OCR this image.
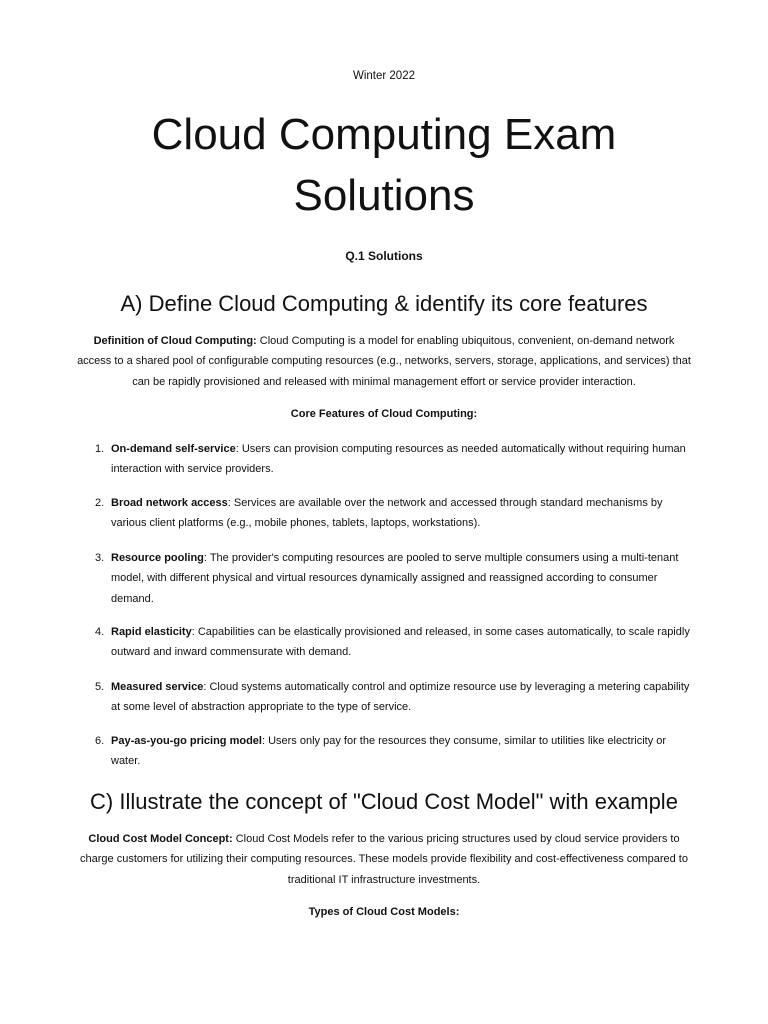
Winter 2022
Cloud Computing Exam Solutions
Q.1 Solutions
A) Define Cloud Computing & identify its core features

Definition of Cloud Computing: Cloud Computing is a model for enabling ubiquitous, convenient, on-demand network access to a shared pool of configurable computing resources (e.g., networks, servers, storage, applications, and services) that can be rapidly provisioned and released with minimal management effort or service provider interaction.

Core Features of Cloud Computing:
1. On-demand self-service: Users can provision computing resources as needed automatically without requiring human interaction with service providers.
2. Broad network access: Services are available over the network and accessed through standard mechanisms by various client platforms (e.g., mobile phones, tablets, laptops, workstations).
3. Resource pooling: The provider's computing resources are pooled to serve multiple consumers using a multi-tenant model, with different physical and virtual resources dynamically assigned and reassigned according to consumer demand.
4. Rapid elasticity: Capabilities can be elastically provisioned and released, in some cases automatically, to scale rapidly outward and inward commensurate with demand.
5. Measured service: Cloud systems automatically control and optimize resource use by leveraging a metering capability at some level of abstraction appropriate to the type of service.
6. Pay-as-you-go pricing model: Users only pay for the resources they consume, similar to utilities like electricity or water.
C) Illustrate the concept of "Cloud Cost Model" with example

Cloud Cost Model Concept: Cloud Cost Models refer to the various pricing structures used by cloud service providers to charge customers for utilizing their computing resources. These models provide flexibility and cost-effectiveness compared to traditional IT infrastructure investments.

Types of Cloud Cost Models:
